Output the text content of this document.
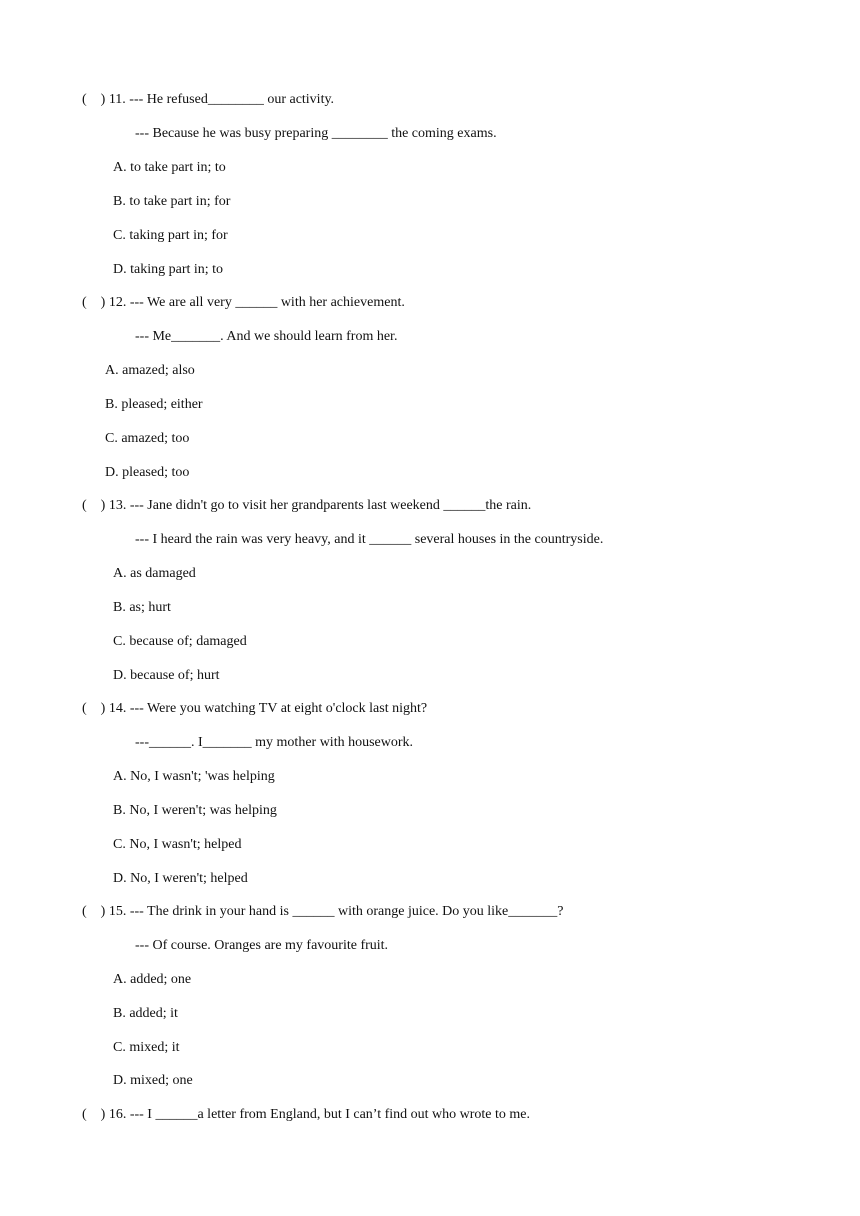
(    ) 11. --- He refused________ our activity.
--- Because he was busy preparing ________ the coming exams.
A. to take part in; to
B. to take part in; for
C. taking part in; for
D. taking part in; to
(    ) 12. --- We are all very ______ with her achievement.
--- Me_______. And we should learn from her.
A. amazed; also
B. pleased; either
C. amazed; too
D. pleased; too
(    ) 13. --- Jane didn't go to visit her grandparents last weekend ______the rain.
--- I heard the rain was very heavy, and it ______ several houses in the countryside.
A. as damaged
B. as; hurt
C. because of; damaged
D. because of; hurt
(    ) 14. --- Were you watching TV at eight o'clock last night?
---______. I_______ my mother with housework.
A. No, I wasn't; 'was helping
B. No, I weren't; was helping
C. No, I wasn't; helped
D. No, I weren't; helped
(    ) 15. --- The drink in your hand is ______ with orange juice. Do you like_______?
--- Of course. Oranges are my favourite fruit.
A. added; one
B. added; it
C. mixed; it
D. mixed; one
(    ) 16. --- I ______a letter from England, but I can’t find out who wrote to me.
